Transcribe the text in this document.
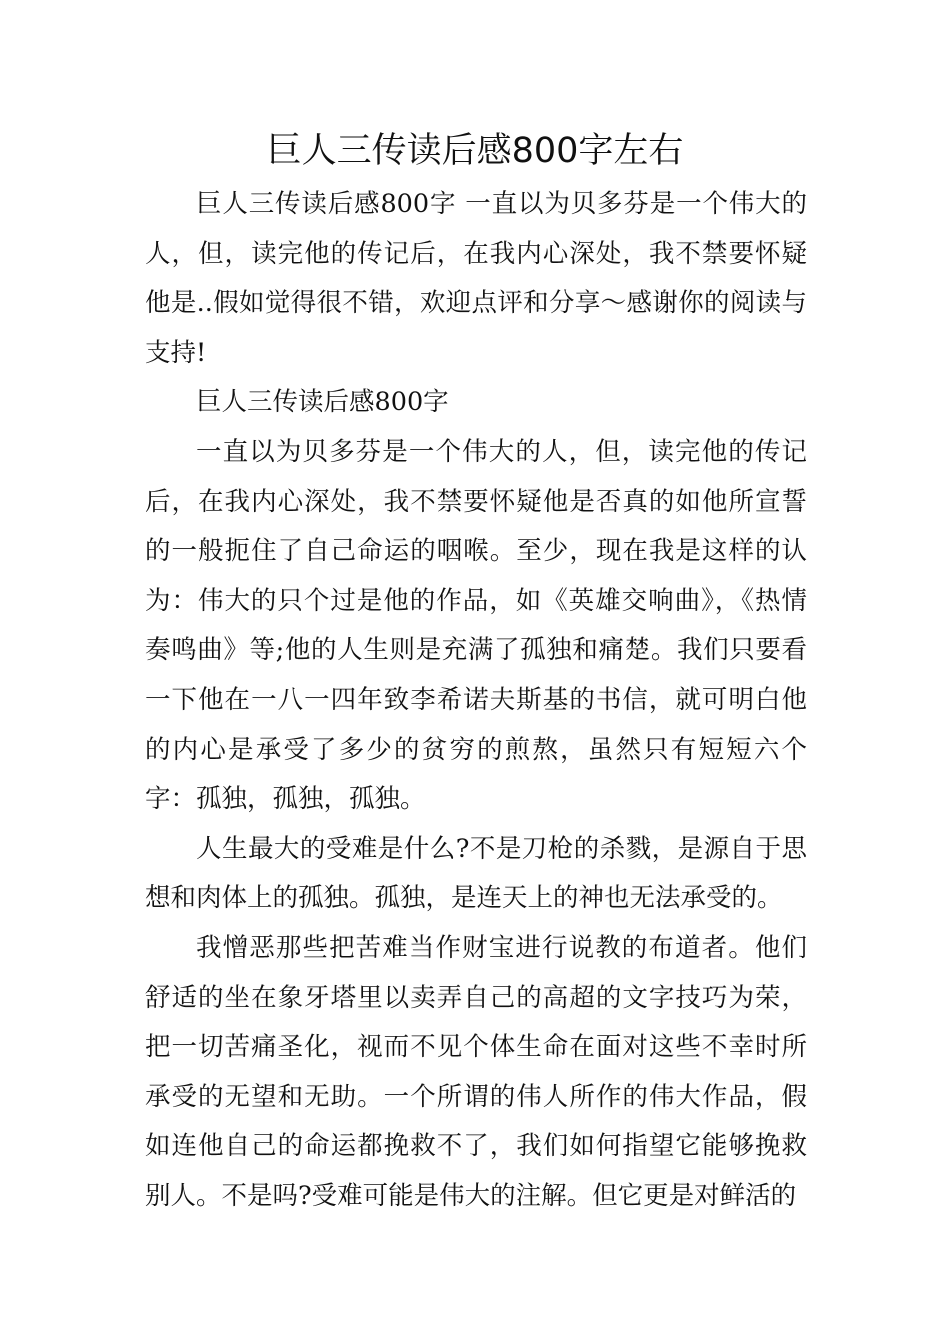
巨人三传读后感800字左右

巨人三传读后感800字 一直以为贝多芬是一个伟大的人，但，读完他的传记后，在我内心深处，我不禁要怀疑他是..假如觉得很不错，欢迎点评和分享～感谢你的阅读与支持!

巨人三传读后感800字

一直以为贝多芬是一个伟大的人，但，读完他的传记后，在我内心深处，我不禁要怀疑他是否真的如他所宣誓的一般扼住了自己命运的咽喉。至少，现在我是这样的认为：伟大的只个过是他的作品，如《英雄交响曲》，《热情奏鸣曲》等;他的人生则是充满了孤独和痛楚。我们只要看一下他在一八一四年致李希诺夫斯基的书信，就可明白他的内心是承受了多少的贫穷的煎熬，虽然只有短短六个字：孤独，孤独，孤独。

人生最大的受难是什么?不是刀枪的杀戮，是源自于思想和肉体上的孤独。孤独，是连天上的神也无法承受的。

我憎恶那些把苦难当作财宝进行说教的布道者。他们舒适的坐在象牙塔里以卖弄自己的高超的文字技巧为荣，把一切苦痛圣化，视而不见个体生命在面对这些不幸时所承受的无望和无助。一个所谓的伟人所作的伟大作品，假如连他自己的命运都挽救不了，我们如何指望它能够挽救别人。不是吗?受难可能是伟大的注解。但它更是对鲜活的
